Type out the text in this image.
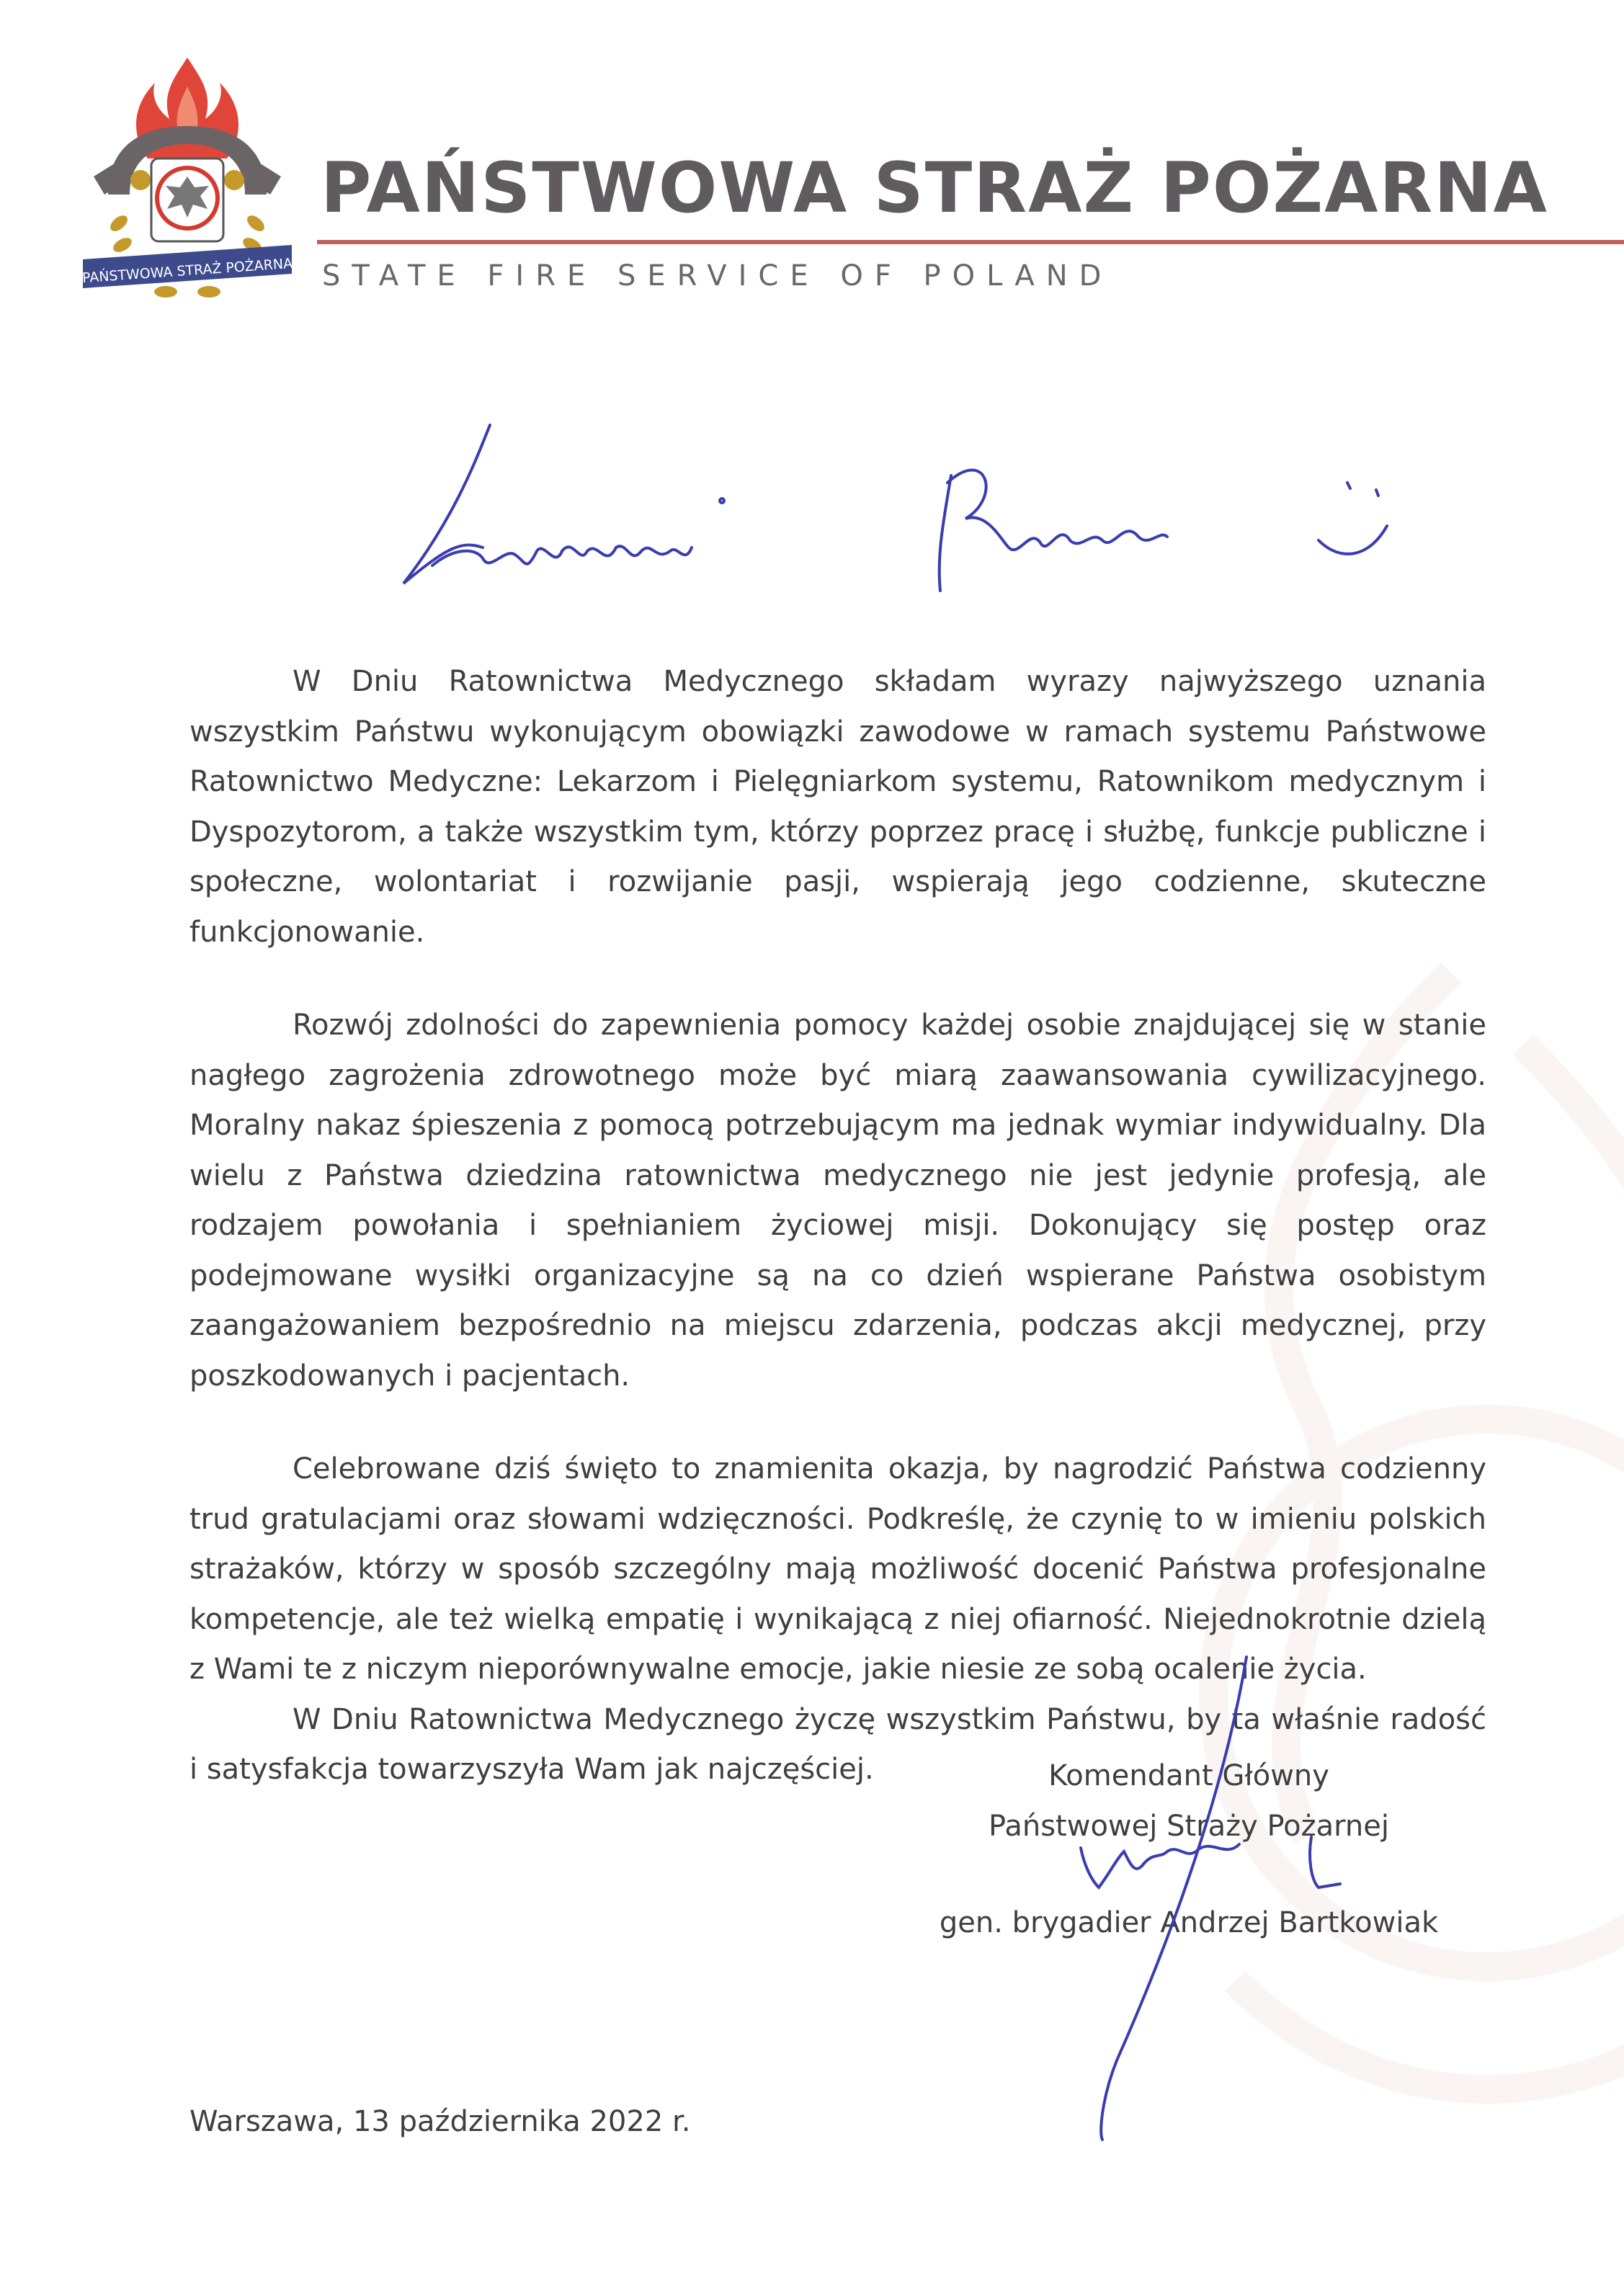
PAŃSTWOWA STRAŻ POŻARNA
PAŃSTWOWA STRAŻ POŻARNA
STATE FIRE SERVICE OF POLAND

W Dniu Ratownictwa Medycznego składam wyrazy najwyższego uznania wszystkim Państwu wykonującym obowiązki zawodowe w ramach systemu Państwowe Ratownictwo Medyczne: Lekarzom i Pielęgniarkom systemu, Ratownikom medycznym i Dyspozytorom, a także wszystkim tym, którzy poprzez pracę i służbę, funkcje publiczne i społeczne, wolontariat i rozwijanie pasji, wspierają jego codzienne, skuteczne funkcjonowanie.

Rozwój zdolności do zapewnienia pomocy każdej osobie znajdującej się w stanie nagłego zagrożenia zdrowotnego może być miarą zaawansowania cywilizacyjnego. Moralny nakaz śpieszenia z pomocą potrzebującym ma jednak wymiar indywidualny. Dla wielu z Państwa dziedzina ratownictwa medycznego nie jest jedynie profesją, ale rodzajem powołania i spełnianiem życiowej misji. Dokonujący się postęp oraz podejmowane wysiłki organizacyjne są na co dzień wspierane Państwa osobistym zaangażowaniem bezpośrednio na miejscu zdarzenia, podczas akcji medycznej, przy poszkodowanych i pacjentach.

Celebrowane dziś święto to znamienita okazja, by nagrodzić Państwa codzienny trud gratulacjami oraz słowami wdzięczności. Podkreślę, że czynię to w imieniu polskich strażaków, którzy w sposób szczególny mają możliwość docenić Państwa profesjonalne kompetencje, ale też wielką empatię i wynikającą z niej ofiarność. Niejednokrotnie dzielą z Wami te z niczym nieporównywalne emocje, jakie niesie ze sobą ocalenie życia.

W Dniu Ratownictwa Medycznego życzę wszystkim Państwu, by ta właśnie radość i satysfakcja towarzyszyła Wam jak najczęściej.	Komendant Główny
Państwowej Straży Pożarnej
gen. brygadier Andrzej Bartkowiak
Warszawa, 13 października 2022 r.
